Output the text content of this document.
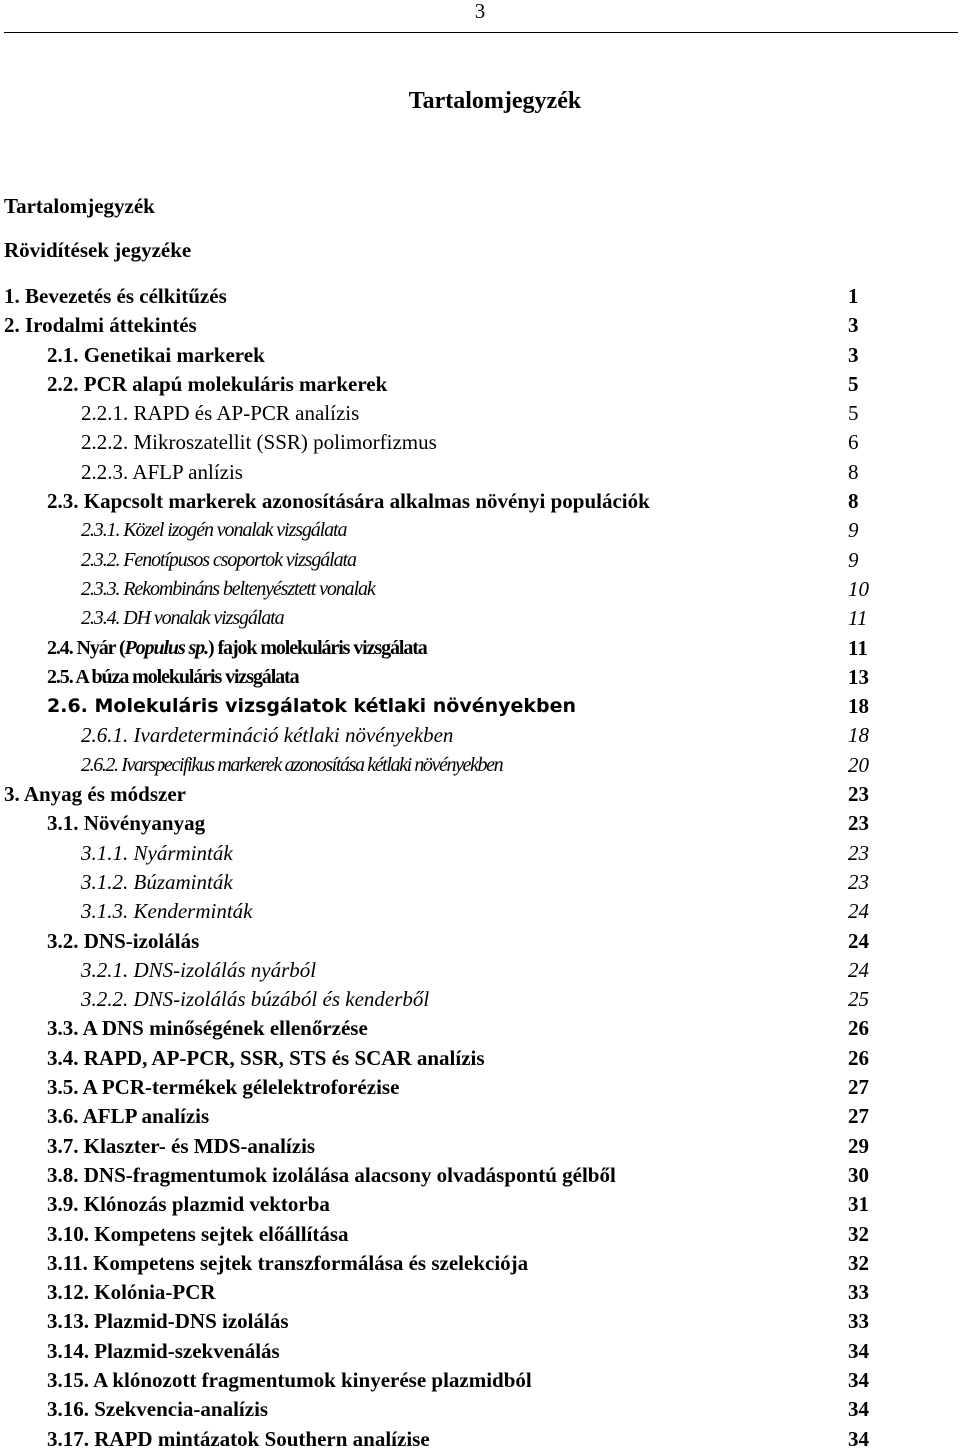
3
Tartalomjegyzék
Tartalomjegyzék
Rövidítések jegyzéke
1. Bevezetés és célkitűzés	1
2. Irodalmi áttekintés	3
2.1. Genetikai markerek	3
2.2. PCR alapú molekuláris markerek	5
2.2.1. RAPD és AP-PCR analízis	5
2.2.2. Mikroszatellit (SSR) polimorfizmus	6
2.2.3. AFLP anlízis	8
2.3. Kapcsolt markerek azonosítására alkalmas növényi populációk	8
2.3.1. Közel izogén vonalak vizsgálata	9
2.3.2. Fenotípusos csoportok vizsgálata	9
2.3.3. Rekombináns beltenyésztett vonalak	10
2.3.4. DH vonalak vizsgálata	11
2.4. Nyár (Populus sp.) fajok molekuláris vizsgálata	11
2.5. A búza molekuláris vizsgálata	13
2.6. Molekuláris vizsgálatok kétlaki növényekben	18
2.6.1. Ivardetermináció kétlaki növényekben	18
2.6.2. Ivarspecifikus markerek azonosítása kétlaki növényekben	20
3. Anyag és módszer	23
3.1. Növényanyag	23
3.1.1. Nyárminták	23
3.1.2. Búzaminták	23
3.1.3. Kenderminták	24
3.2. DNS-izolálás	24
3.2.1. DNS-izolálás nyárból	24
3.2.2. DNS-izolálás búzából és kenderből	25
3.3. A DNS minőségének ellenőrzése	26
3.4. RAPD, AP-PCR, SSR, STS és SCAR analízis	26
3.5. A PCR-termékek gélelektroforézise	27
3.6. AFLP analízis	27
3.7. Klaszter- és MDS-analízis	29
3.8. DNS-fragmentumok izolálása alacsony olvadáspontú gélből	30
3.9. Klónozás plazmid vektorba	31
3.10. Kompetens sejtek előállítása	32
3.11. Kompetens sejtek transzformálása és szelekciója	32
3.12. Kolónia-PCR	33
3.13. Plazmid-DNS izolálás	33
3.14. Plazmid-szekvenálás	34
3.15. A klónozott fragmentumok kinyerése plazmidból	34
3.16. Szekvencia-analízis	34
3.17. RAPD mintázatok Southern analízise	34
